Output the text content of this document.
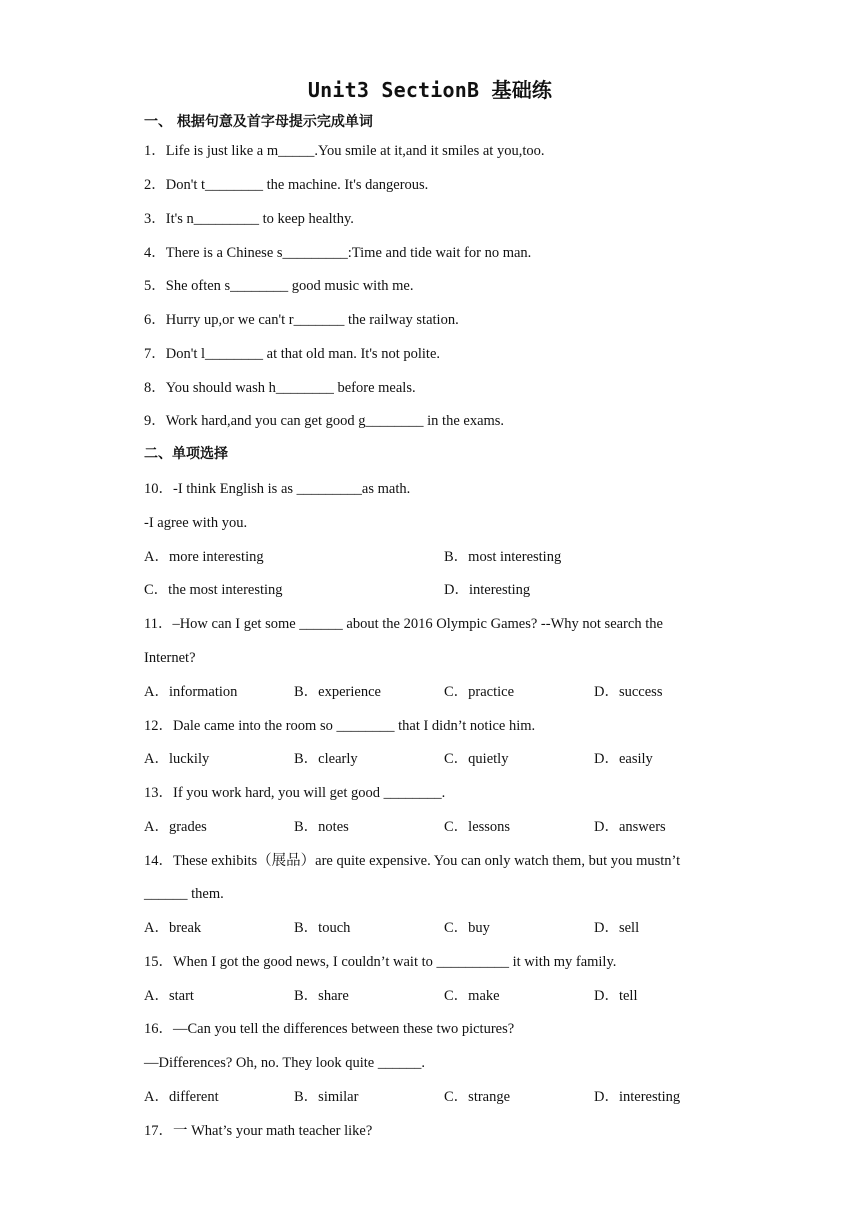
Unit3 SectionB 基础练
一、 根据句意及首字母提示完成单词
1．Life is just like a m_____.You smile at it,and it smiles at you,too.
2．Don't t________ the machine. It's dangerous.
3．It's n_________ to keep healthy.
4．There is a Chinese s_________:Time and tide wait for no man.
5．She often s________ good music with me.
6．Hurry up,or we can't r_______ the railway station.
7．Don't l________ at that old man. It's not polite.
8．You should wash h________ before meals.
9．Work hard,and you can get good g________ in the exams.
二、单项选择
10．-I think English is as _________as math.
-I agree with you.
A．more interesting	B．most interesting
C．the most interesting	D．interesting
11．–How can I get some ______ about the 2016 Olympic Games? --Why not search the
Internet?
A．information	B．experience	C．practice	D．success
12．Dale came into the room so ________ that I didn’t notice him.
A．luckily	B．clearly	C．quietly	D．easily
13．If you work hard, you will get good ________.
A．grades	B．notes	C．lessons	D．answers
14．These exhibits（展品）are quite expensive. You can only watch them, but you mustn’t
______ them.
A．break	B．touch	C．buy	D．sell
15．When I got the good news, I couldn’t wait to __________ it with my family.
A．start	B．share	C．make	D．tell
16．—Can you tell the differences between these two pictures?
—Differences? Oh, no. They look quite ______.
A．different	B．similar	C．strange	D．interesting
17．一 What’s your math teacher like?
